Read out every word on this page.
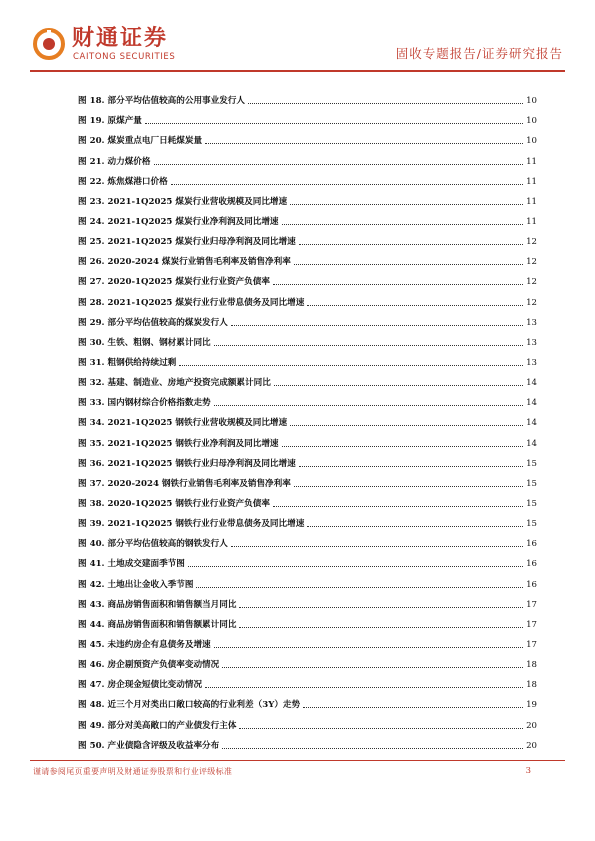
财通证券
CAITONG SECURITIES	固收专题报告/证券研究报告
图 18. 部分平均估值较高的公用事业发行人	10
图 19. 原煤产量	10
图 20. 煤炭重点电厂日耗煤炭量	10
图 21. 动力煤价格	11
图 22. 炼焦煤港口价格	11
图 23. 2021-1Q2025 煤炭行业营收规模及同比增速	11
图 24. 2021-1Q2025 煤炭行业净利润及同比增速	11
图 25. 2021-1Q2025 煤炭行业归母净利润及同比增速	12
图 26. 2020-2024 煤炭行业销售毛利率及销售净利率	12
图 27. 2020-1Q2025 煤炭行业行业资产负债率	12
图 28. 2021-1Q2025 煤炭行业行业带息债务及同比增速	12
图 29. 部分平均估值较高的煤炭发行人	13
图 30. 生铁、粗钢、钢材累计同比	13
图 31. 粗钢供给持续过剩	13
图 32. 基建、制造业、房地产投资完成额累计同比	14
图 33. 国内钢材综合价格指数走势	14
图 34. 2021-1Q2025 钢铁行业营收规模及同比增速	14
图 35. 2021-1Q2025 钢铁行业净利润及同比增速	14
图 36. 2021-1Q2025 钢铁行业归母净利润及同比增速	15
图 37. 2020-2024 钢铁行业销售毛利率及销售净利率	15
图 38. 2020-1Q2025 钢铁行业行业资产负债率	15
图 39. 2021-1Q2025 钢铁行业行业带息债务及同比增速	15
图 40. 部分平均估值较高的钢铁发行人	16
图 41. 土地成交建面季节图	16
图 42. 土地出让金收入季节图	16
图 43. 商品房销售面积和销售额当月同比	17
图 44. 商品房销售面积和销售额累计同比	17
图 45. 未违约房企有息债务及增速	17
图 46. 房企剔预资产负债率变动情况	18
图 47. 房企现金短债比变动情况	18
图 48. 近三个月对类出口敞口较高的行业利差（3Y）走势	19
图 49. 部分对美高敞口的产业债发行主体	20
图 50. 产业债隐含评级及收益率分布	20
谨请参阅尾页重要声明及财通证券股票和行业评级标准	3
